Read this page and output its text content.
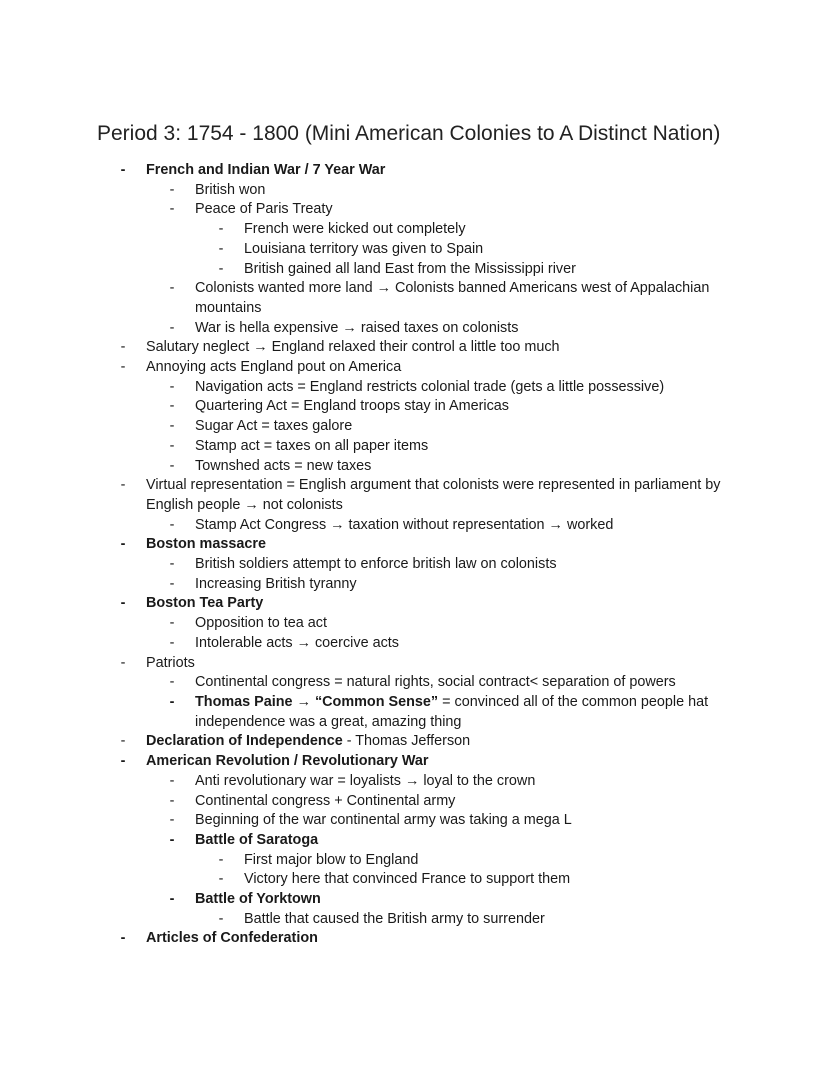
Period 3: 1754 - 1800 (Mini American Colonies to A Distinct Nation)
- French and Indian War / 7 Year War
- British won
- Peace of Paris Treaty
- French were kicked out completely
- Louisiana territory was given to Spain
- British gained all land East from the Mississippi river
- Colonists wanted more land → Colonists banned Americans west of Appalachian mountains
- War is hella expensive → raised taxes on colonists
- Salutary neglect → England relaxed their control a little too much
- Annoying acts England pout on America
- Navigation acts = England restricts colonial trade (gets a little possessive)
- Quartering Act = England troops stay in Americas
- Sugar Act = taxes galore
- Stamp act = taxes on all paper items
- Townshed acts = new taxes
- Virtual representation = English argument that colonists were represented in parliament by English people → not colonists
- Stamp Act Congress → taxation without representation → worked
- Boston massacre
- British soldiers attempt to enforce british law on colonists
- Increasing British tyranny
- Boston Tea Party
- Opposition to tea act
- Intolerable acts → coercive acts
- Patriots
- Continental congress = natural rights, social contract< separation of powers
- Thomas Paine → “Common Sense” = convinced all of the common people hat independence was a great, amazing thing
- Declaration of Independence - Thomas Jefferson
- American Revolution / Revolutionary War
- Anti revolutionary war = loyalists → loyal to the crown
- Continental congress + Continental army
- Beginning of the war continental army was taking a mega L
- Battle of Saratoga
- First major blow to England
- Victory here that convinced France to support them
- Battle of Yorktown
- Battle that caused the British army to surrender
- Articles of Confederation
